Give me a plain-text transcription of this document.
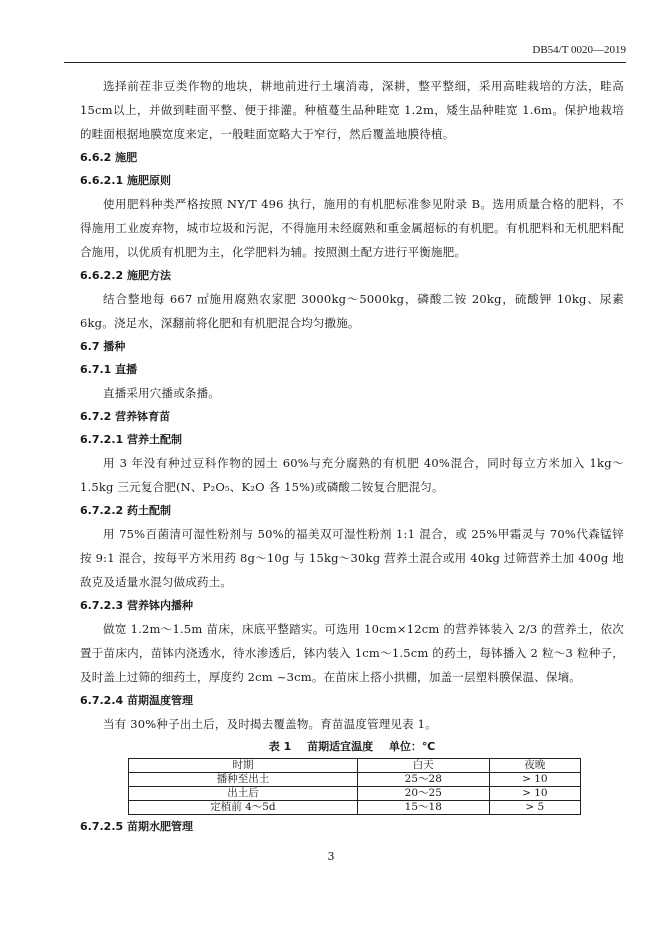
DB54/T 0020—2019

选择前茬非豆类作物的地块，耕地前进行土壤消毒，深耕，整平整细，采用高畦栽培的方法，畦高 15cm以上，并做到畦面平整、便于排灌。种植蔓生品种畦宽 1.2m，矮生品种畦宽 1.6m。保护地栽培的畦面根据地膜宽度来定，一般畦面宽略大于窄行，然后覆盖地膜待植。

6.6.2 施肥
6.6.2.1 施肥原则

使用肥料种类严格按照 NY/T 496 执行，施用的有机肥标准参见附录 B。选用质量合格的肥料，不得施用工业废弃物，城市垃圾和污泥，不得施用未经腐熟和重金属超标的有机肥。有机肥料和无机肥料配合施用，以优质有机肥为主，化学肥料为辅。按照测土配方进行平衡施肥。

6.6.2.2 施肥方法

结合整地每 667 ㎡施用腐熟农家肥 3000kg～5000kg，磷酸二铵 20kg，硫酸钾 10kg、尿素 6kg。浇足水，深翻前将化肥和有机肥混合均匀撒施。

6.7 播种
6.7.1 直播

直播采用穴播或条播。

6.7.2 营养钵育苗
6.7.2.1 营养土配制

用 3 年没有种过豆科作物的园土 60%与充分腐熟的有机肥 40%混合，同时每立方米加入 1kg～1.5kg 三元复合肥(N、P₂O₅、K₂O 各 15%)或磷酸二铵复合肥混匀。

6.7.2.2 药土配制

用 75%百菌清可湿性粉剂与 50%的福美双可湿性粉剂 1:1 混合，或 25%甲霜灵与 70%代森锰锌按 9:1 混合，按每平方米用药 8g～10g 与 15kg～30kg 营养土混合或用 40kg 过筛营养土加 400g 地敌克及适量水混匀做成药土。

6.7.2.3 营养钵内播种

做宽 1.2m～1.5m 苗床，床底平整踏实。可选用 10cm×12cm 的营养钵装入 2/3 的营养土，依次置于苗床内，苗钵内浇透水，待水渗透后，钵内装入 1cm～1.5cm 的药土，每钵播入 2 粒～3 粒种子，及时盖上过筛的细药土，厚度约 2cm ~3cm。在苗床上搭小拱棚，加盖一层塑料膜保温、保墒。

6.7.2.4 苗期温度管理

当有 30%种子出土后，及时揭去覆盖物。育苗温度管理见表 1。

表 1 苗期适宜温度 单位：℃
时期	白天	夜晚
播种至出土	25～28	> 10
出土后	20～25	> 10
定植前 4～5d	15～18	> 5
6.7.2.5 苗期水肥管理
3
